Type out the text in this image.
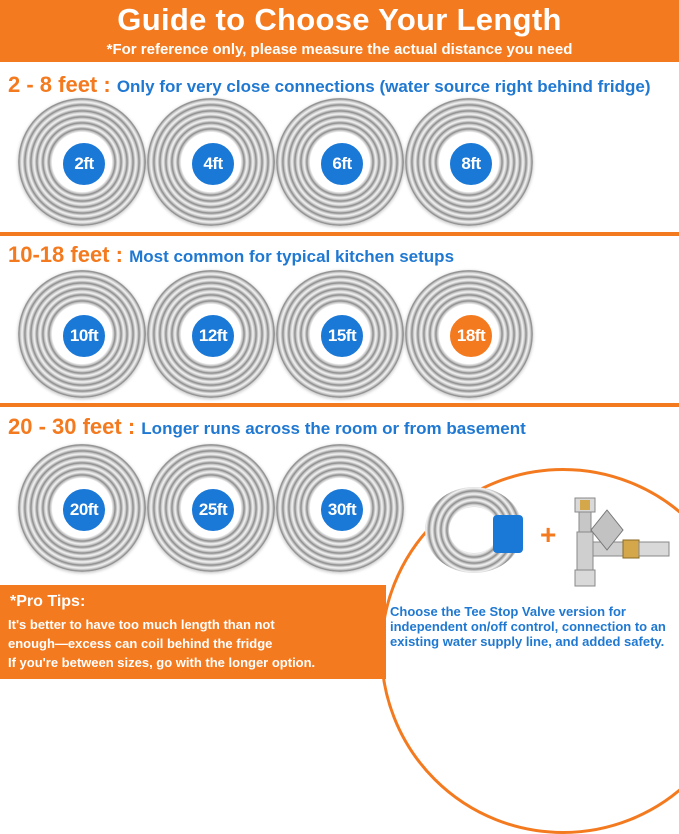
Guide to Choose Your Length
*For reference only, please measure the actual distance you need
2 - 8 feet : Only for very close connections (water source right behind fridge)
2ft	4ft	6ft	8ft
10-18 feet : Most common for typical kitchen setups
10ft	12ft	15ft	18ft
20 - 30 feet : Longer runs across the room or from basement
20ft	25ft	30ft
+
Choose the Tee Stop Valve version for independent on/off control, connection to an existing water supply line, and added safety.
*Pro Tips:
It's better to have too much length than not
enough—excess can coil behind the fridge
If you're between sizes, go with the longer option.
